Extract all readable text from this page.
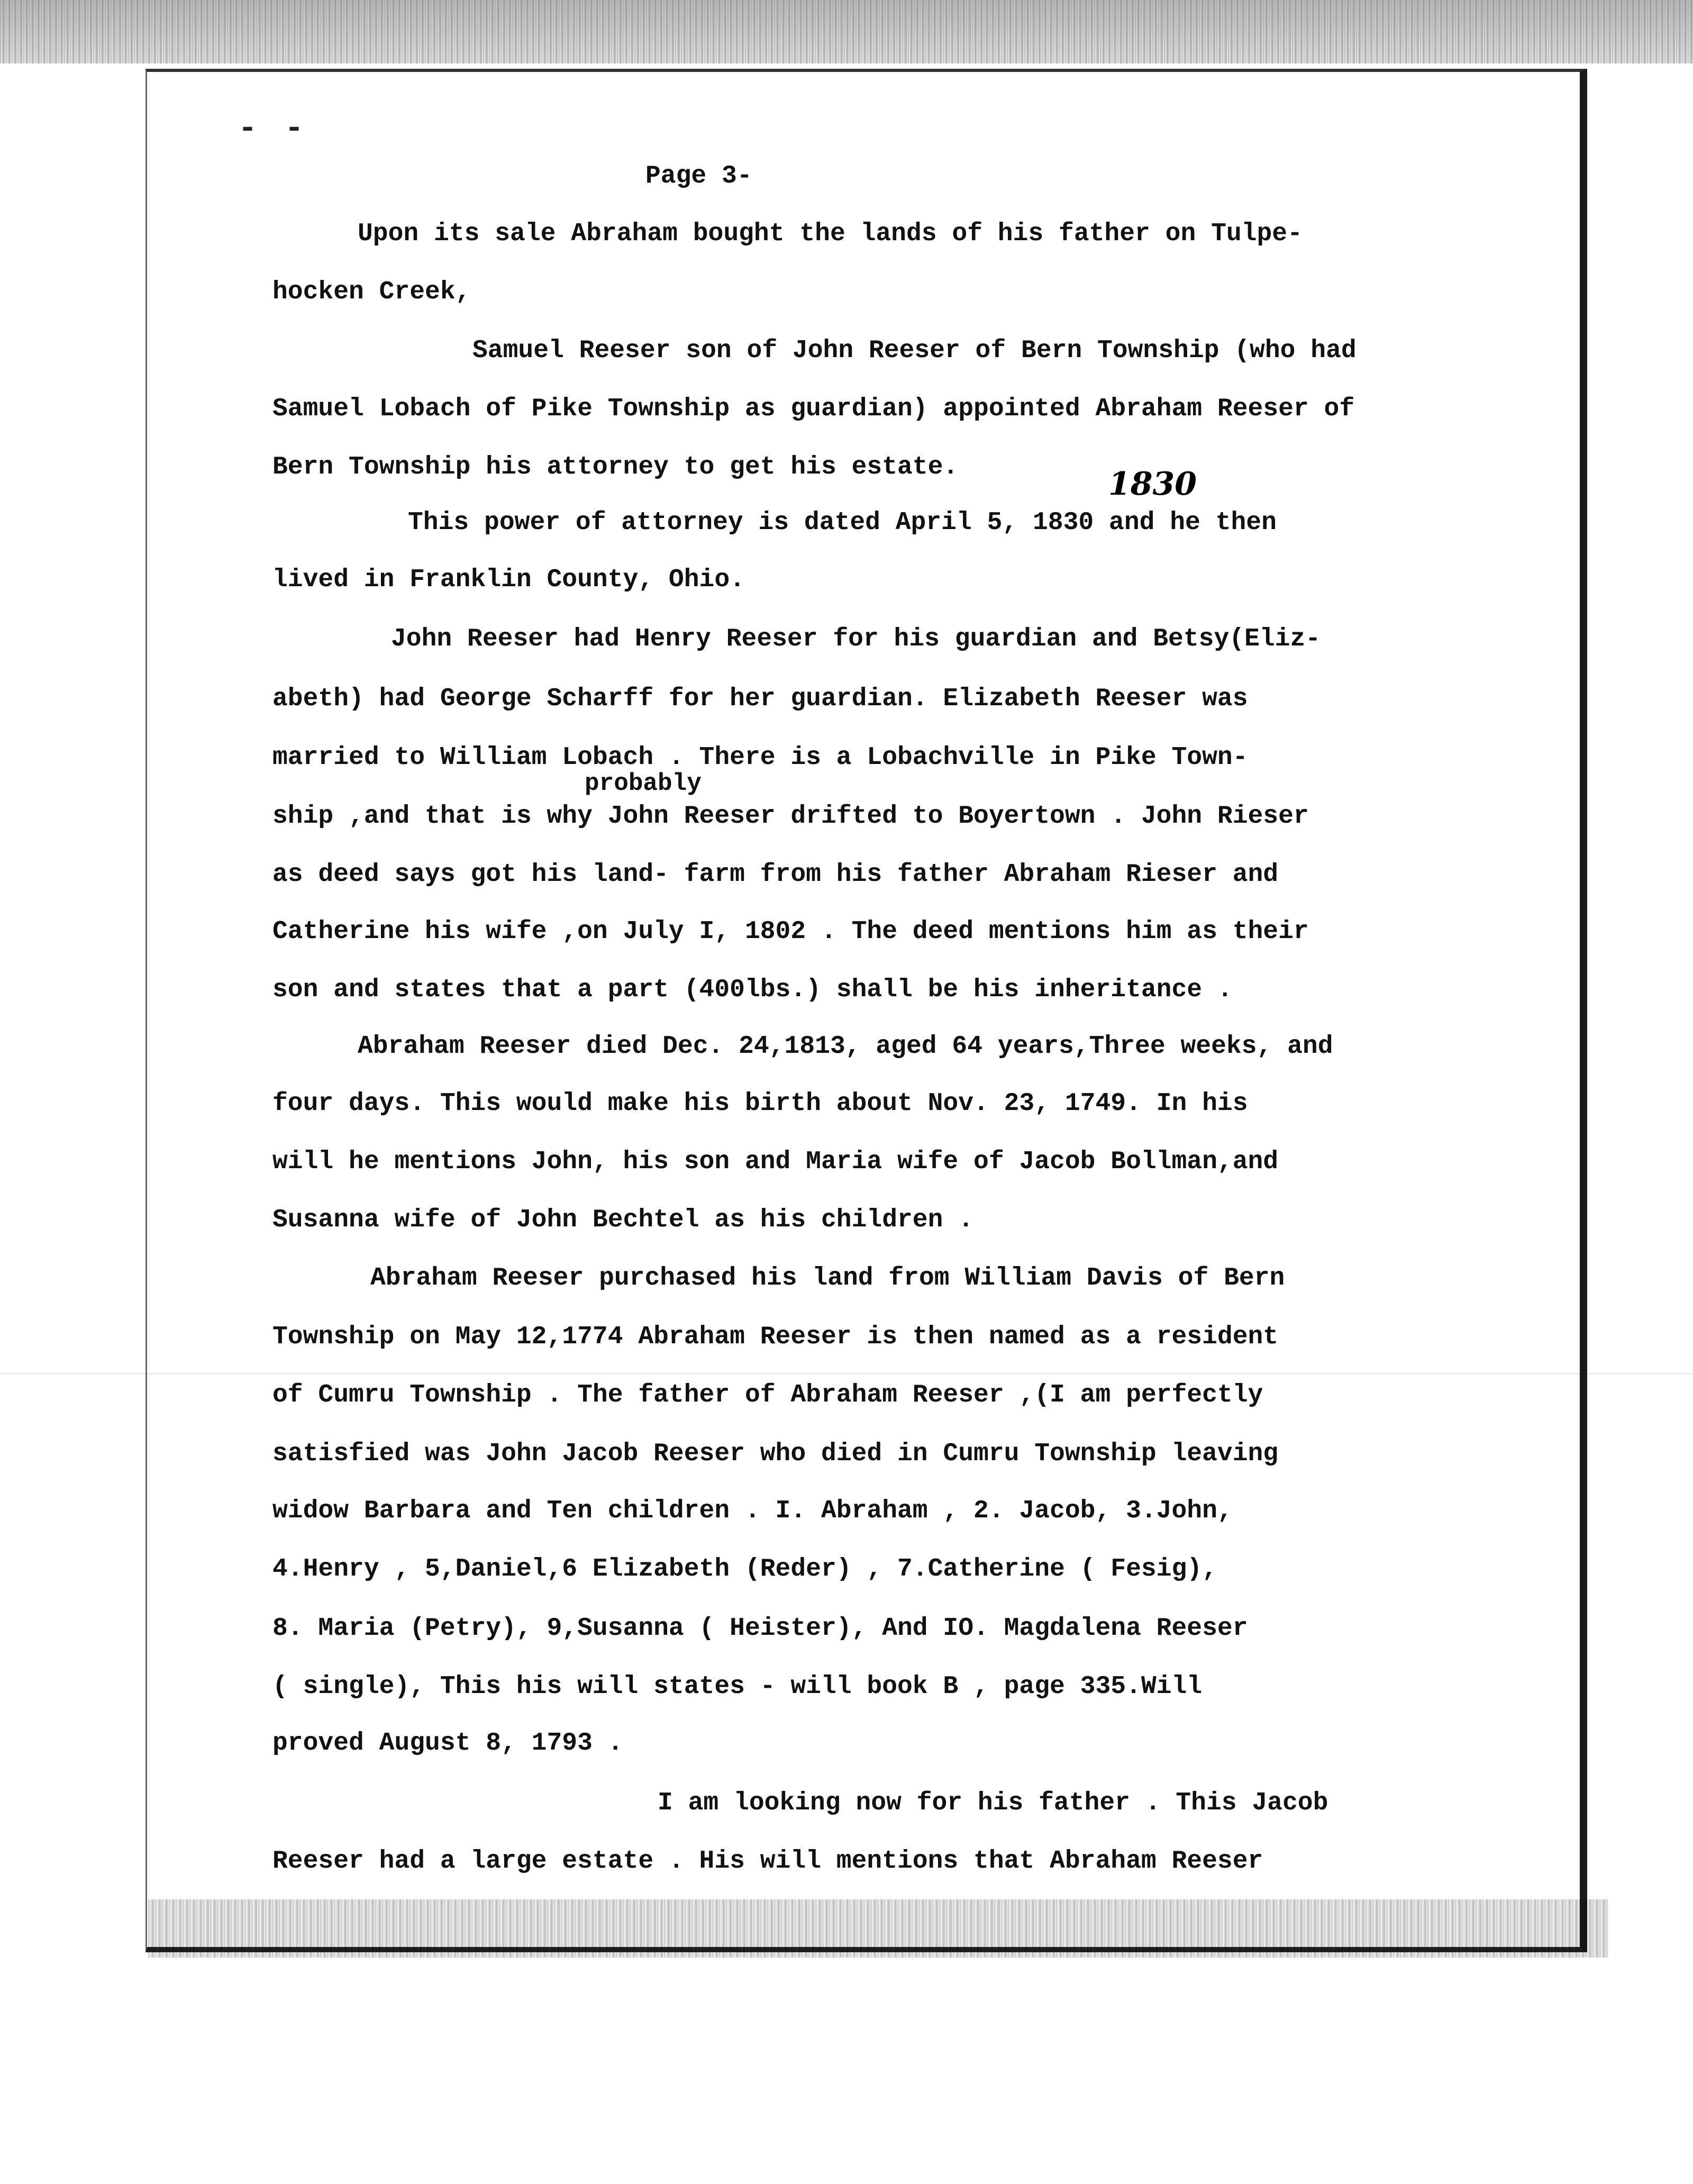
- -
Page 3-
1830
probably
Upon its sale Abraham bought the lands of his father on Tulpe-
hocken Creek,
Samuel Reeser son of John Reeser of Bern Township (who had
Samuel Lobach of Pike Township as guardian) appointed Abraham Reeser of
Bern Township his attorney to get his estate.
This power of attorney is dated April 5, 1830 and he then
lived in Franklin County, Ohio.
John Reeser had Henry Reeser for his guardian and Betsy(Eliz-
abeth) had George Scharff for her guardian. Elizabeth Reeser was
married to William Lobach . There is a Lobachville in Pike Town-
ship ,and that is why John Reeser drifted to Boyertown . John Rieser
as deed says got his land- farm from his father Abraham Rieser and
Catherine his wife ,on July I, 1802 . The deed mentions him as their
son and states that a part (400lbs.) shall be his inheritance .
Abraham Reeser died Dec. 24,1813, aged 64 years,Three weeks, and
four days. This would make his birth about Nov. 23, 1749. In his
will he mentions John, his son and Maria wife of Jacob Bollman,and
Susanna wife of John Bechtel as his children .
Abraham Reeser purchased his land from William Davis of Bern
Township on May 12,1774 Abraham Reeser is then named as a resident
of Cumru Township . The father of Abraham Reeser ,(I am perfectly
satisfied was John Jacob Reeser who died in Cumru Township leaving
widow Barbara and Ten children . I. Abraham , 2. Jacob, 3.John,
4.Henry , 5,Daniel,6 Elizabeth (Reder) , 7.Catherine ( Fesig),
8. Maria (Petry), 9,Susanna ( Heister), And IO. Magdalena Reeser
( single), This his will states - will book B , page 335.Will
proved August 8, 1793 .
I am looking now for his father . This Jacob
Reeser had a large estate . His will mentions that Abraham Reeser
